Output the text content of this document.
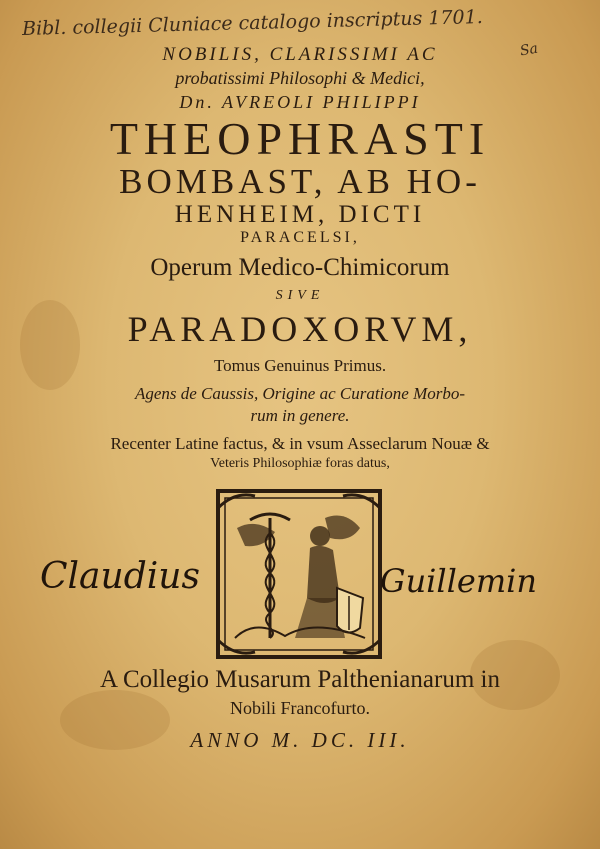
Bibl. collegii Cluniace catalogo inscriptus 1701.
Sa
NOBILIS, CLARISSIMI AC
probatissimi Philosophi & Medici,
Dn. AVREOLI PHILIPPI
THEOPHRASTI
BOMBAST, AB HO-
HENHEIM, DICTI
PARACELSI,
Operum Medico-Chimicorum
SIVE
PARADOXORVM,
Tomus Genuinus Primus.
Agens de Caussis, Origine ac Curatione Morbo-
rum in genere.
Recenter Latine factus, & in vsum Asseclarum Nouæ &
Veteris Philosophiæ foras datus,
Claudius	Guillemin
A Collegio Musarum Palthenianarum in
Nobili Francofurto.
ANNO M. DC. III.
